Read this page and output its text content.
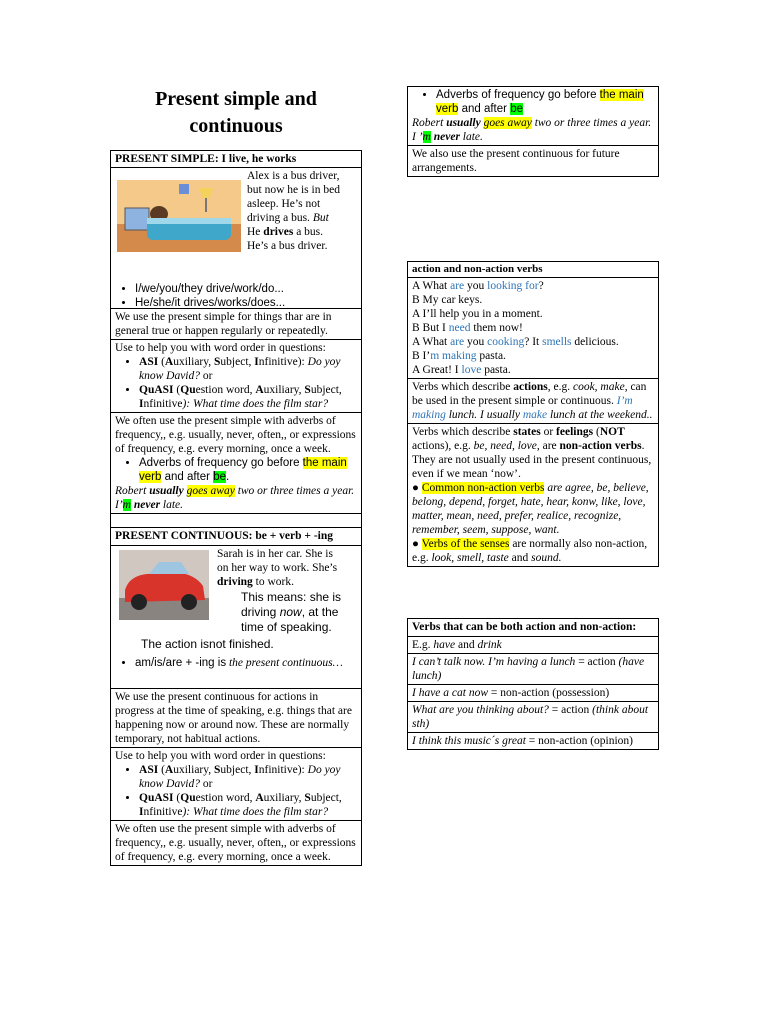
Present simple and continuous
PRESENT SIMPLE: I live, he works
Alex is a bus driver,
but now he is in bed
asleep. He’s not
driving a bus. But
He drives a bus.
He’s a bus driver.
• I/we/you/they drive/work/do...
• He/she/it drives/works/does...
We use the present simple for things thar are in general true or happen regularly or repeatedly.
Use to help you with word order in questions:
• ASI (Auxiliary, Subject, Infinitive): Do yoy know David? or
• QuASI (Question word, Auxiliary, Subject, Infinitive): What time does the film star?
We often use the present simple with adverbs of frequency,, e.g. usually, never, often,, or expressions of frequency, e.g. every morning, once a week.
• Adverbs of frequency go before the main verb and after be.
Robert usually goes away two or three times a year.
I’m never late.
PRESENT CONTINUOUS: be + verb + -ing
Sarah is in her car. She is
on her way to work. She’s
driving to work.
This means: she is
driving now, at the
time of speaking.
The action isnot finished.
• am/is/are + -ing is the present continuous…
We use the present continuous for actions in progress at the time of speaking, e.g. things that are happening now or around now. These are normally temporary, not habitual actions.
Use to help you with word order in questions:
• ASI (Auxiliary, Subject, Infinitive): Do yoy know David? or
• QuASI (Question word, Auxiliary, Subject, Infinitive): What time does the film star?
We often use the present simple with adverbs of frequency,, e.g. usually, never, often,, or expressions of frequency, e.g. every morning, once a week.
• Adverbs of frequency go before the main verb and after be
Robert usually goes away two or three times a year.
I ’m never late.
We also use the present continuous for future arrangements.
action and non-action verbs
A What are you looking for?
B My car keys.
A I’ll help you in a moment.
B But I need them now!
A What are you cooking? It smells delicious.
B I’m making pasta.
A Great! I love pasta.
Verbs which describe actions, e.g. cook, make, can be used in the present simple or continuous. I’m making lunch. I usually make lunch at the weekend..
Verbs which describe states or feelings (NOT actions), e.g. be, need, love, are non-action verbs. They are not usually used in the present continuous, even if we mean ‘now’.
● Common non-action verbs are agree, be, believe, belong, depend, forget, hate, hear, konw, like, love, matter, mean, need, prefer, realice, recognize, remember, seem, suppose, want.
● Verbs of the senses are normally also non-action, e.g. look, smell, taste and sound.
Verbs that can be both action and non-action:
E.g. have and drink
I can’t talk now. I’m having a lunch = action (have lunch)
I have a cat now = non-action (possession)
What are you thinking about? = action (think about sth)
I think this music´s great = non-action (opinion)
